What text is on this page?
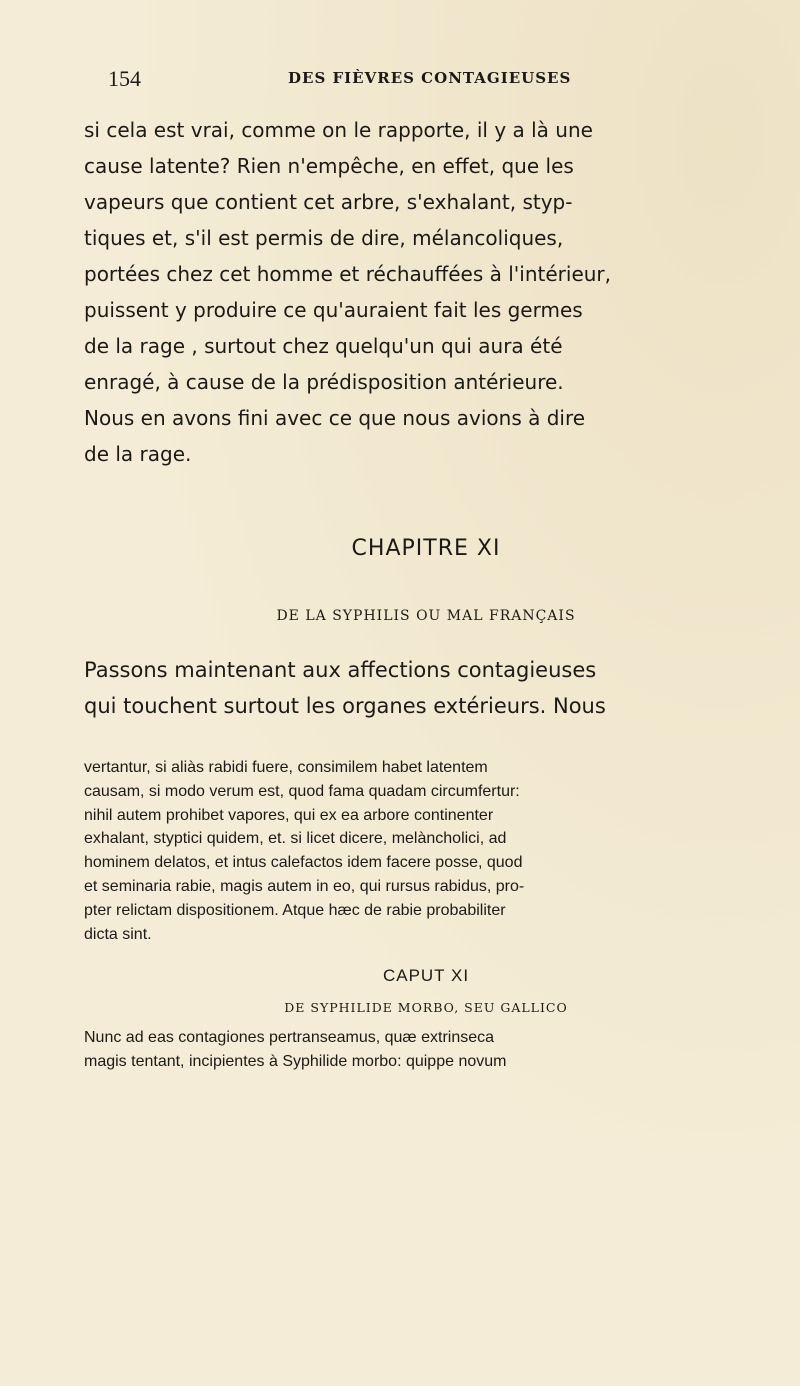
154	DES FIÈVRES CONTAGIEUSES

si cela est vrai, comme on le rapporte, il y a là une
cause latente? Rien n'empêche, en effet, que les
vapeurs que contient cet arbre, s'exhalant, styp-
tiques et, s'il est permis de dire, mélancoliques,
portées chez cet homme et réchauffées à l'intérieur,
puissent y produire ce qu'auraient fait les germes
de la rage , surtout chez quelqu'un qui aura été
enragé, à cause de la prédisposition antérieure.
Nous en avons fini avec ce que nous avions à dire
de la rage.

CHAPITRE XI
DE LA SYPHILIS OU MAL FRANÇAIS
Passons maintenant aux affections contagieuses
qui touchent surtout les organes extérieurs. Nous
vertantur, si aliàs rabidi fuere, consimilem habet latentem
causam, si modo verum est, quod fama quadam circumfertur:
nihil autem prohibet vapores, qui ex ea arbore continenter
exhalant, styptici quidem, et. si licet dicere, melàncholici, ad
hominem delatos, et intus calefactos idem facere posse, quod
et seminaria rabie, magis autem in eo, qui rursus rabidus, pro-
pter relictam dispositionem. Atque hæc de rabie probabiliter
dicta sint.
CAPUT XI
DE SYPHILIDE MORBO, SEU GALLICO
Nunc ad eas contagiones pertranseamus, quæ extrinseca
magis tentant, incipientes à Syphilide morbo: quippe novum
